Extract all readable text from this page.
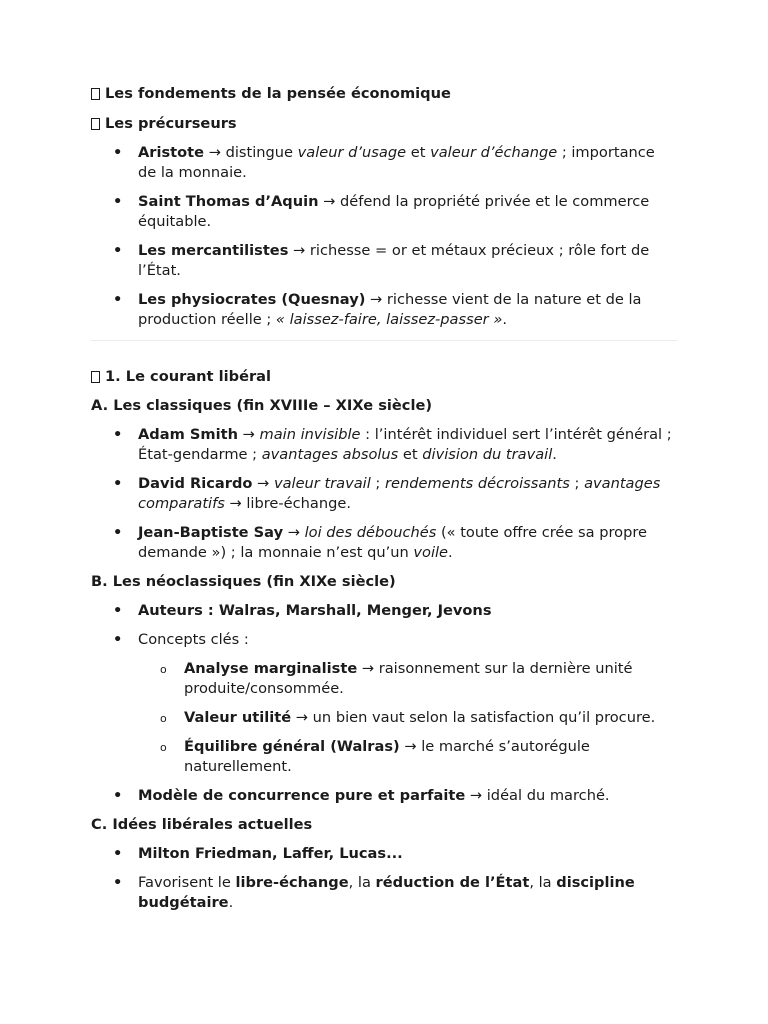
Les fondements de la pensée économique
Les précurseurs
• Aristote → distingue valeur d’usage et valeur d’échange ; importance de la monnaie.
• Saint Thomas d’Aquin → défend la propriété privée et le commerce équitable.
• Les mercantilistes → richesse = or et métaux précieux ; rôle fort de l’État.
• Les physiocrates (Quesnay) → richesse vient de la nature et de la production réelle ; « laissez-faire, laissez-passer ».
1. Le courant libéral
A. Les classiques (fin XVIIIe – XIXe siècle)
• Adam Smith → main invisible : l’intérêt individuel sert l’intérêt général ; État-gendarme ; avantages absolus et division du travail.
• David Ricardo → valeur travail ; rendements décroissants ; avantages comparatifs → libre-échange.
• Jean-Baptiste Say → loi des débouchés (« toute offre crée sa propre demande ») ; la monnaie n’est qu’un voile.
B. Les néoclassiques (fin XIXe siècle)
• Auteurs : Walras, Marshall, Menger, Jevons
• Concepts clés :
o Analyse marginaliste → raisonnement sur la dernière unité produite/consommée.
o Valeur utilité → un bien vaut selon la satisfaction qu’il procure.
o Équilibre général (Walras) → le marché s’autorégule naturellement.
• Modèle de concurrence pure et parfaite → idéal du marché.
C. Idées libérales actuelles
• Milton Friedman, Laffer, Lucas...
• Favorisent le libre-échange, la réduction de l’État, la discipline budgétaire.
